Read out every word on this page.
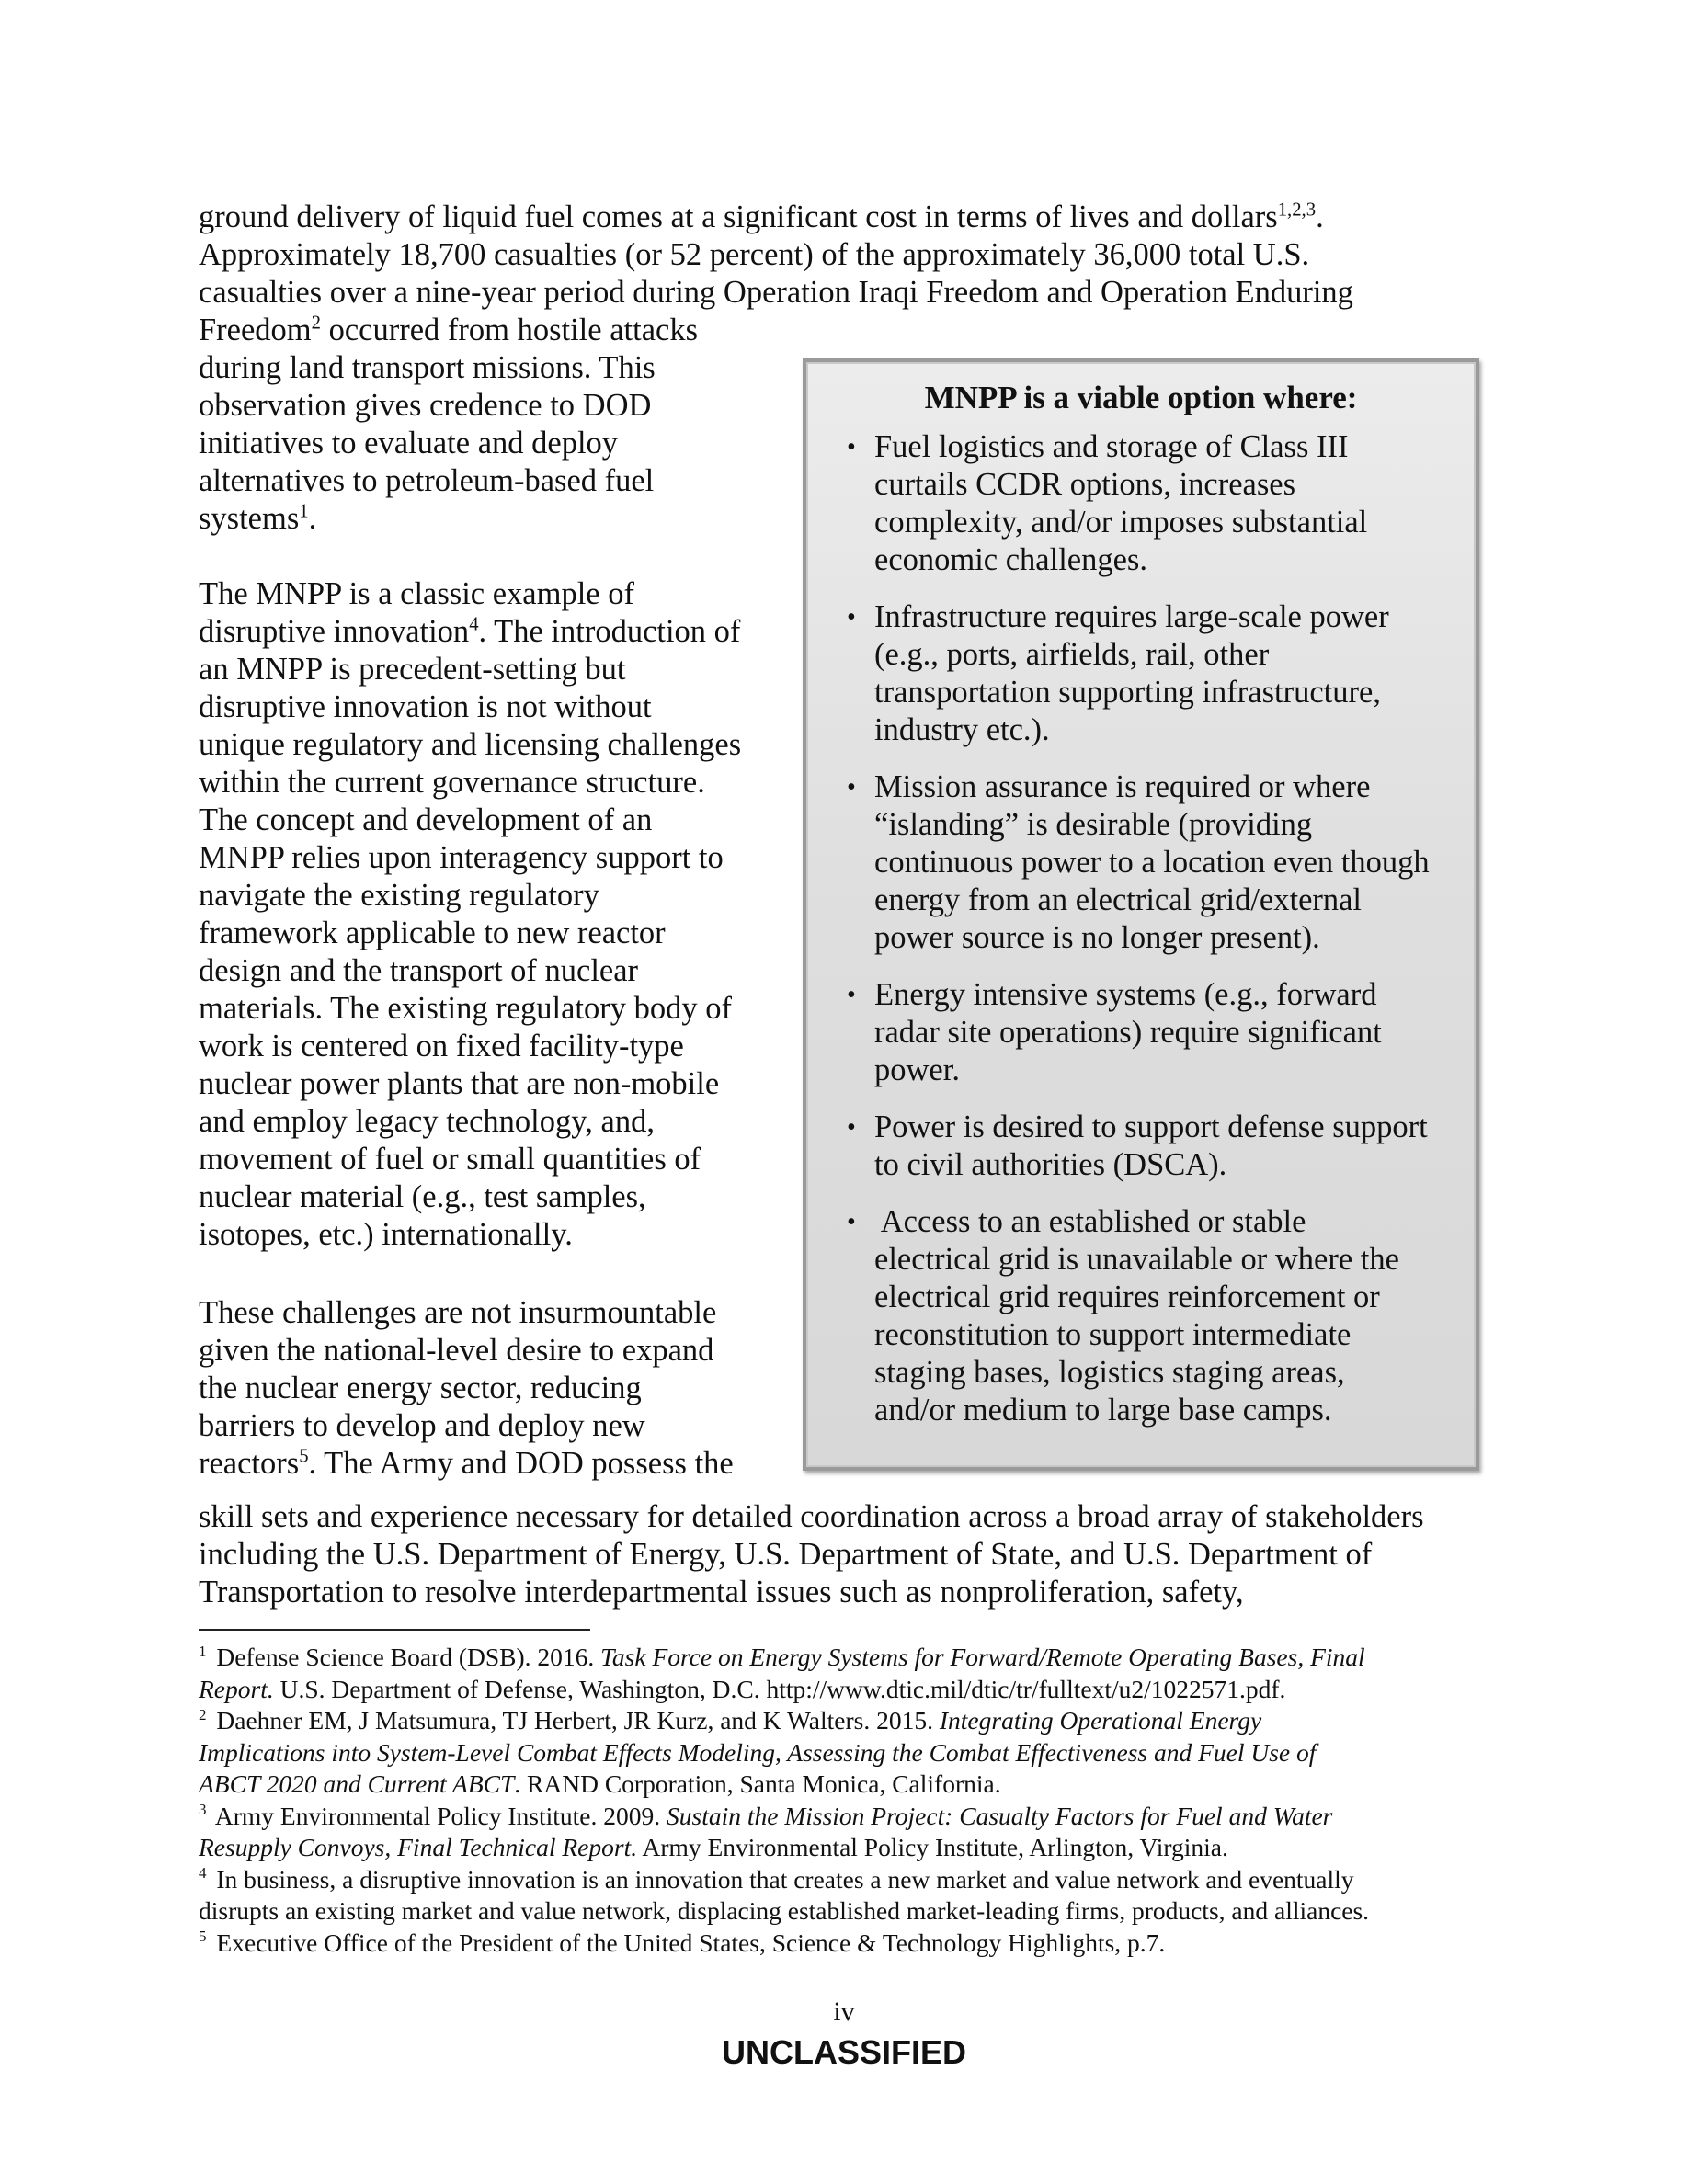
ground delivery of liquid fuel comes at a significant cost in terms of lives and dollars$^{1,2,3}$.
Approximately 18,700 casualties (or 52 percent) of the approximately 36,000 total U.S.
casualties over a nine-year period during Operation Iraqi Freedom and Operation Enduring
Freedom$^2$ occurred from hostile attacks
during land transport missions. This
observation gives credence to DOD
initiatives to evaluate and deploy
alternatives to petroleum-based fuel
systems$^1$.
The MNPP is a classic example of
disruptive innovation$^4$. The introduction of
an MNPP is precedent-setting but
disruptive innovation is not without
unique regulatory and licensing challenges
within the current governance structure.
The concept and development of an
MNPP relies upon interagency support to
navigate the existing regulatory
framework applicable to new reactor
design and the transport of nuclear
materials. The existing regulatory body of
work is centered on fixed facility-type
nuclear power plants that are non-mobile
and employ legacy technology, and,
movement of fuel or small quantities of
nuclear material (e.g., test samples,
isotopes, etc.) internationally.
These challenges are not insurmountable
given the national-level desire to expand
the nuclear energy sector, reducing
barriers to develop and deploy new
reactors$^5$. The Army and DOD possess the
skill sets and experience necessary for detailed coordination across a broad array of stakeholders
including the U.S. Department of Energy, U.S. Department of State, and U.S. Department of
Transportation to resolve interdepartmental issues such as nonproliferation, safety,

MNPP is a viable option where:

• Fuel logistics and storage of Class III
curtails CCDR options, increases
complexity, and/or imposes substantial
economic challenges.
• Infrastructure requires large-scale power
(e.g., ports, airfields, rail, other
transportation supporting infrastructure,
industry etc.).
• Mission assurance is required or where
“islanding” is desirable (providing
continuous power to a location even though
energy from an electrical grid/external
power source is no longer present).
• Energy intensive systems (e.g., forward
radar site operations) require significant
power.
• Power is desired to support defense support
to civil authorities (DSCA).
• Access to an established or stable
electrical grid is unavailable or where the
electrical grid requires reinforcement or
reconstitution to support intermediate
staging bases, logistics staging areas,
and/or medium to large base camps.

$^1$ Defense Science Board (DSB). 2016. Task Force on Energy Systems for Forward/Remote Operating Bases, Final
Report. U.S. Department of Defense, Washington, D.C. http://www.dtic.mil/dtic/tr/fulltext/u2/1022571.pdf.

$^2$ Daehner EM, J Matsumura, TJ Herbert, JR Kurz, and K Walters. 2015. Integrating Operational Energy
Implications into System-Level Combat Effects Modeling, Assessing the Combat Effectiveness and Fuel Use of
ABCT 2020 and Current ABCT. RAND Corporation, Santa Monica, California.

$^3$ Army Environmental Policy Institute. 2009. Sustain the Mission Project: Casualty Factors for Fuel and Water
Resupply Convoys, Final Technical Report. Army Environmental Policy Institute, Arlington, Virginia.

$^4$ In business, a disruptive innovation is an innovation that creates a new market and value network and eventually
disrupts an existing market and value network, displacing established market-leading firms, products, and alliances.

$^5$ Executive Office of the President of the United States, Science & Technology Highlights, p.7.

iv
UNCLASSIFIED
